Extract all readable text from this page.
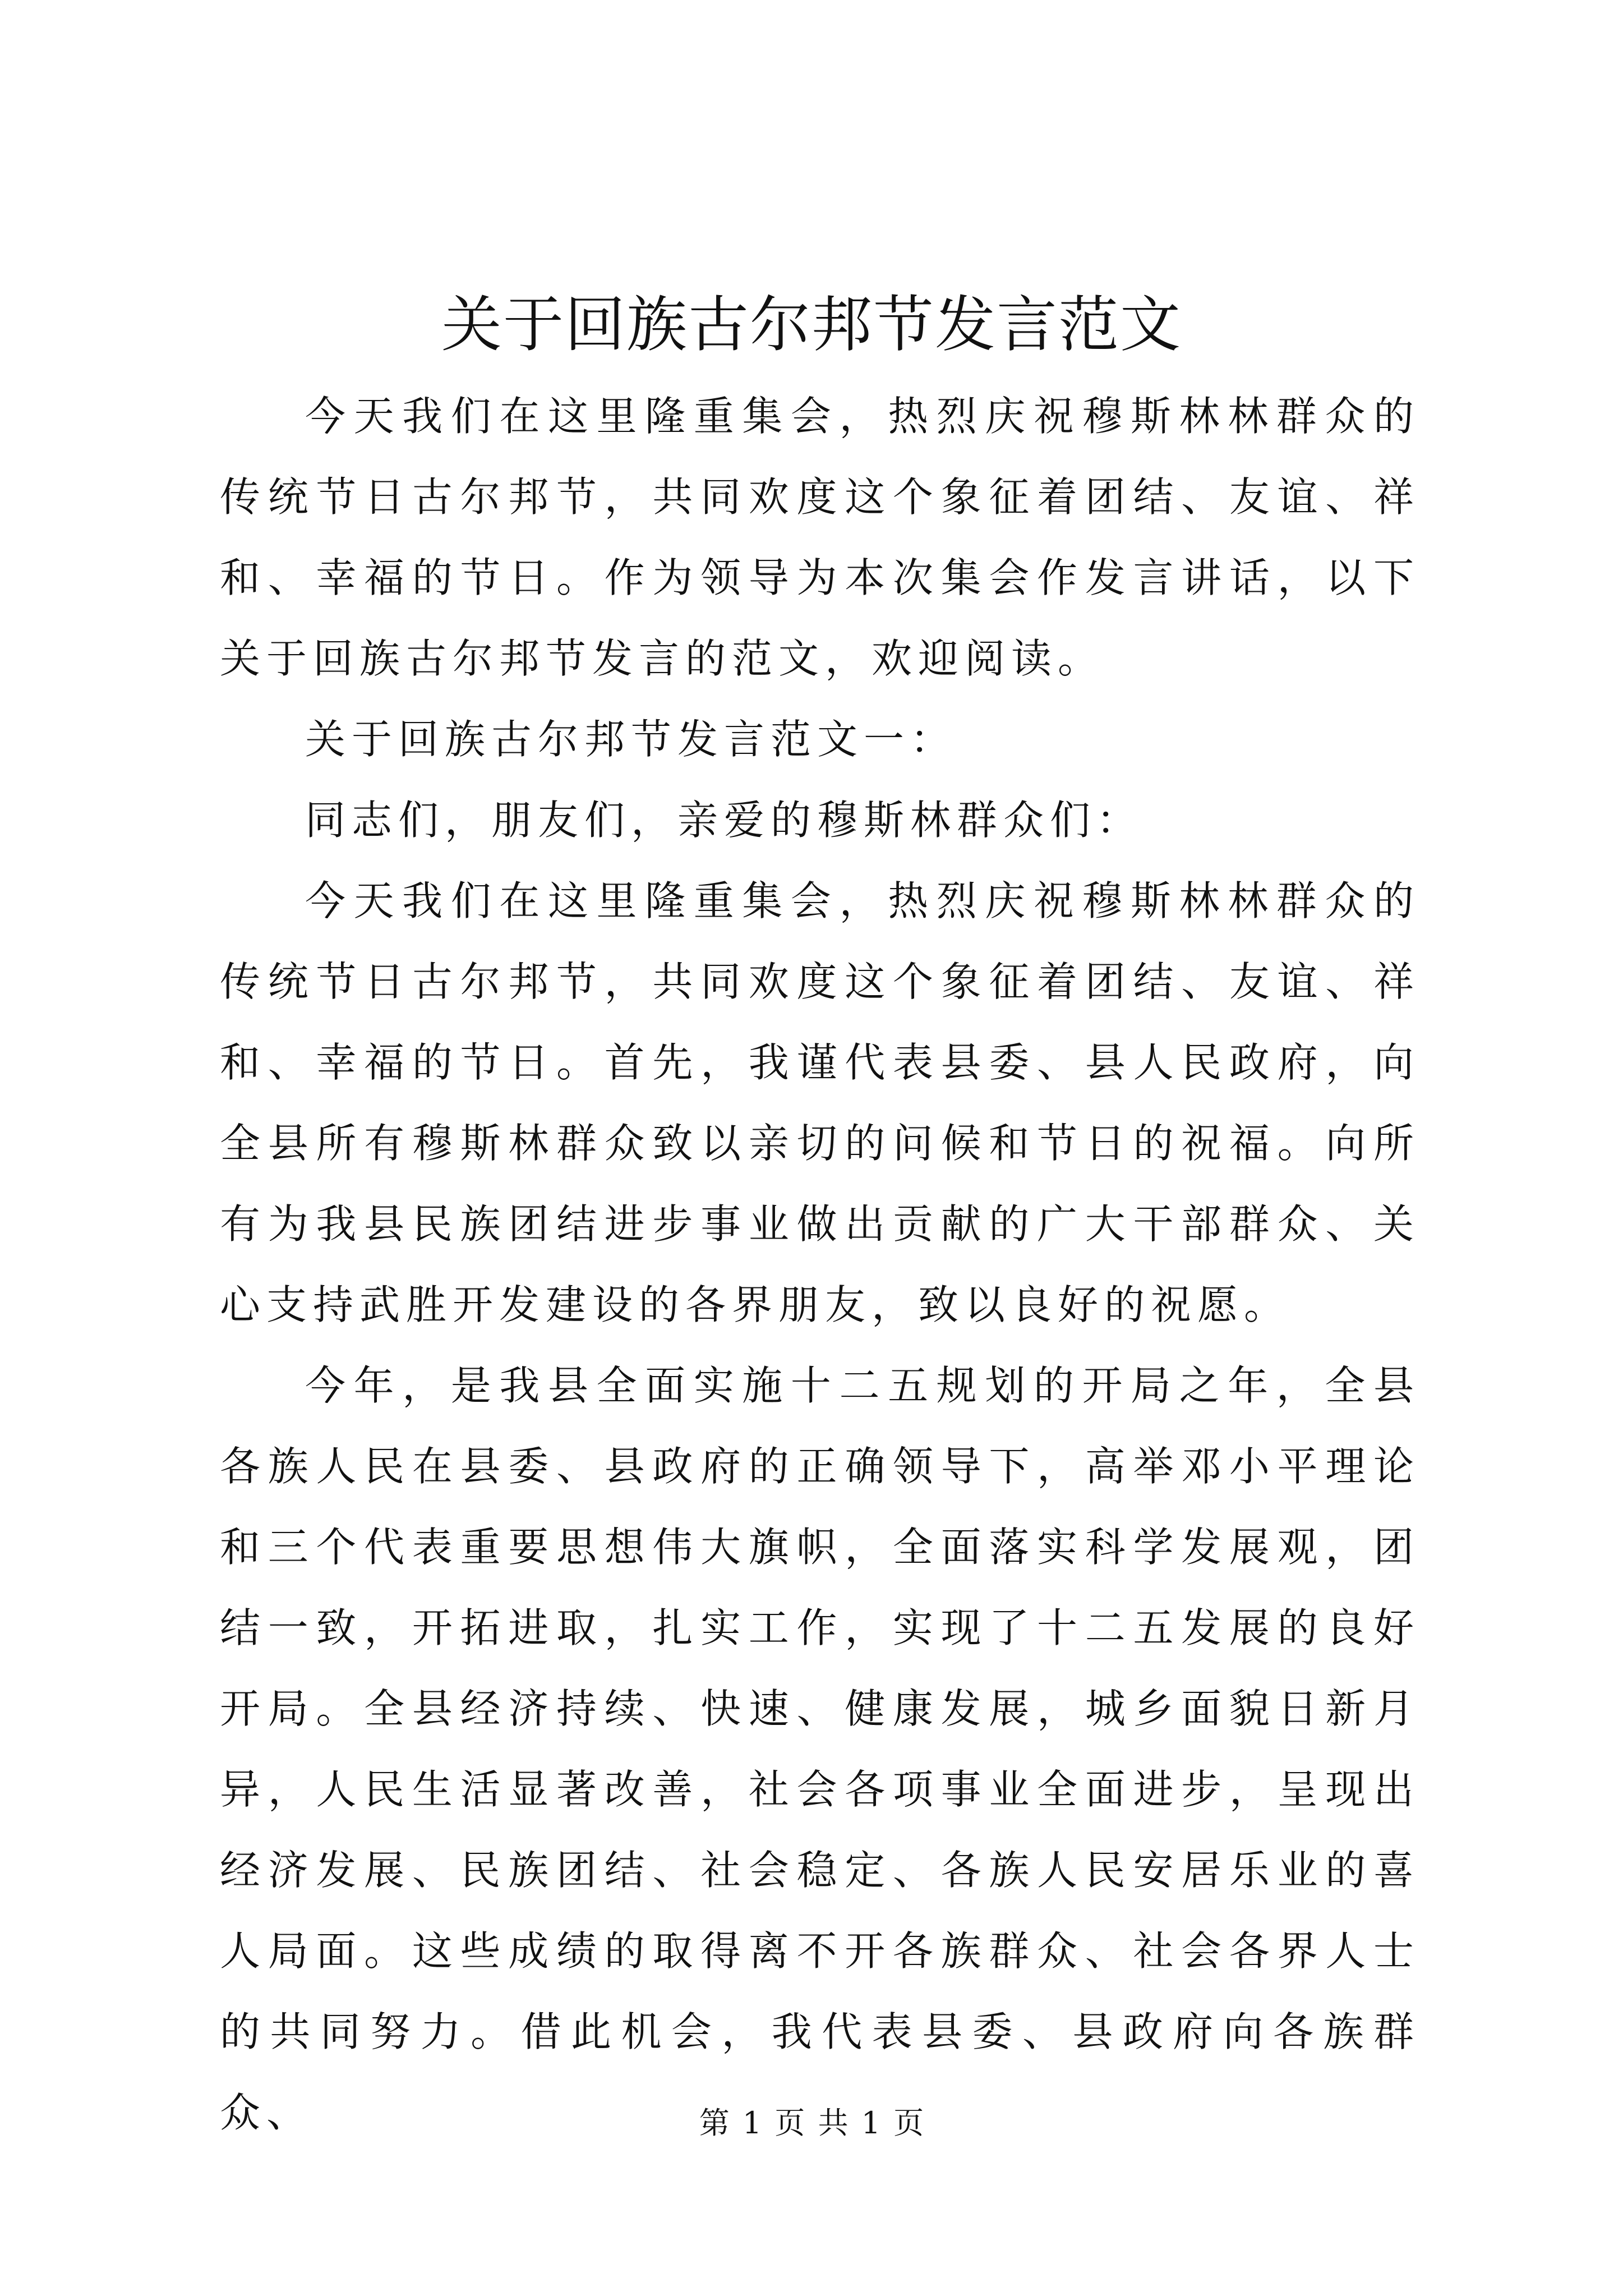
关于回族古尔邦节发言范文

今天我们在这里隆重集会，热烈庆祝穆斯林林群众的传统节日古尔邦节，共同欢度这个象征着团结、友谊、祥和、幸福的节日。作为领导为本次集会作发言讲话，以下关于回族古尔邦节发言的范文，欢迎阅读。

关于回族古尔邦节发言范文一：

同志们，朋友们，亲爱的穆斯林群众们：

今天我们在这里隆重集会，热烈庆祝穆斯林林群众的传统节日古尔邦节，共同欢度这个象征着团结、友谊、祥和、幸福的节日。首先，我谨代表县委、县人民政府，向全县所有穆斯林群众致以亲切的问候和节日的祝福。向所有为我县民族团结进步事业做出贡献的广大干部群众、关心支持武胜开发建设的各界朋友，致以良好的祝愿。

今年，是我县全面实施十二五规划的开局之年，全县各族人民在县委、县政府的正确领导下，高举邓小平理论和三个代表重要思想伟大旗帜，全面落实科学发展观，团结一致，开拓进取，扎实工作，实现了十二五发展的良好开局。全县经济持续、快速、健康发展，城乡面貌日新月异，人民生活显著改善，社会各项事业全面进步，呈现出经济发展、民族团结、社会稳定、各族人民安居乐业的喜人局面。这些成绩的取得离不开各族群众、社会各界人士的共同努力。借此机会，我代表县委、县政府向各族群众、	第 1 页 共 1 页
